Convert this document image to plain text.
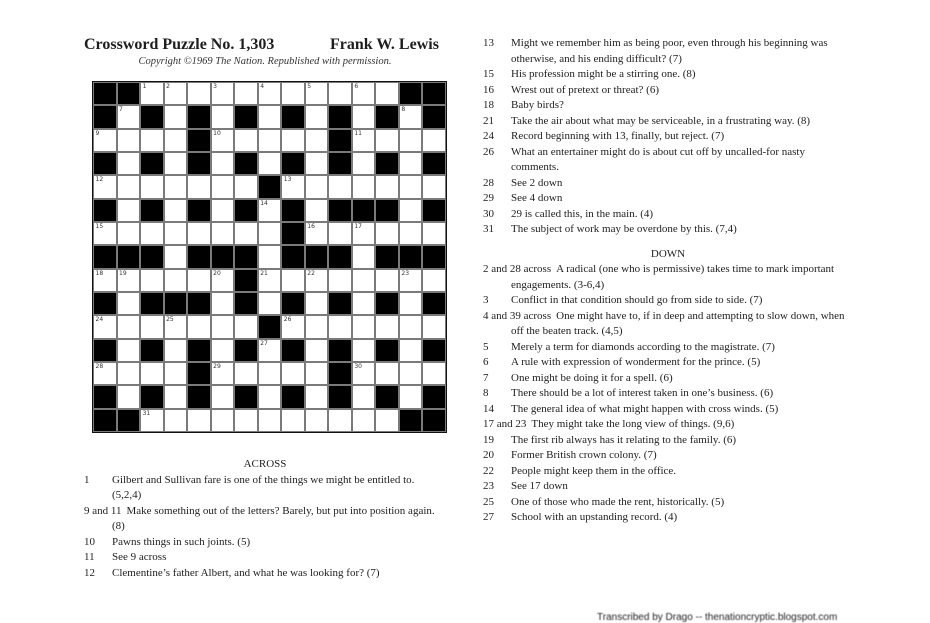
Crossword Puzzle No. 1,303	Frank W. Lewis
Copyright ©1969 The Nation. Republished with permission.
1	2	3	4	5	6
7	8
9	10	11
12	13
14
15	16	17
18	19	20	21	22	23
24	25	26
27
28	29	30
31
ACROSS
1 Gilbert and Sullivan fare is one of the things we might be entitled to. (5,2,4)
9 and 11 Make something out of the letters? Barely, but put into position again. (8)
10 Pawns things in such joints. (5)
11 See 9 across
12 Clementine’s father Albert, and what he was looking for? (7)
13 Might we remember him as being poor, even through his beginning was otherwise, and his ending difficult? (7)
15 His profession might be a stirring one. (8)
16 Wrest out of pretext or threat? (6)
18 Baby birds?
21 Take the air about what may be serviceable, in a frustrating way. (8)
24 Record beginning with 13, finally, but reject. (7)
26 What an entertainer might do is about cut off by uncalled-for nasty comments.
28 See 2 down
29 See 4 down
30 29 is called this, in the main. (4)
31 The subject of work may be overdone by this. (7,4)
DOWN
2 and 28 across A radical (one who is permissive) takes time to mark important engagements. (3-6,4)
3 Conflict in that condition should go from side to side. (7)
4 and 39 across One might have to, if in deep and attempting to slow down, when off the beaten track. (4,5)
5 Merely a term for diamonds according to the magistrate. (7)
6 A rule with expression of wonderment for the prince. (5)
7 One might be doing it for a spell. (6)
8 There should be a lot of interest taken in one’s business. (6)
14 The general idea of what might happen with cross winds. (5)
17 and 23 They might take the long view of things. (9,6)
19 The first rib always has it relating to the family. (6)
20 Former British crown colony. (7)
22 People might keep them in the office.
23 See 17 down
25 One of those who made the rent, historically. (5)
27 School with an upstanding record. (4)
Transcribed by Drago -- thenationcryptic.blogspot.com
